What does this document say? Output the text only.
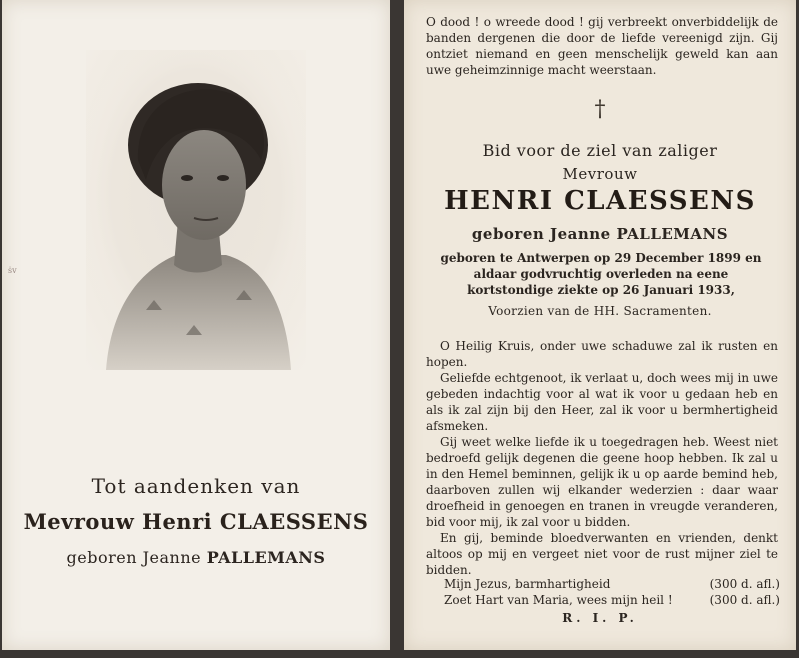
ṡv
Tot aandenken van
Mevrouw Henri CLAESSENS
geboren Jeanne PALLEMANS
O dood ! o wreede dood ! gij verbreekt onverbiddelijk de banden dergenen die door de liefde vereenigd zijn. Gij ontziet niemand en geen menschelijk geweld kan aan uwe geheimzinnige macht weerstaan.
†
Bid voor de ziel van zaliger
Mevrouw
HENRI CLAESSENS
geboren Jeanne PALLEMANS
geboren te Antwerpen op 29 December 1899 en aldaar godvruchtig overleden na eene kortstondige ziekte op 26 Januari 1933,
Voorzien van de HH. Sacramenten.
O Heilig Kruis, onder uwe schaduwe zal ik rusten en hopen.
Geliefde echtgenoot, ik verlaat u, doch wees mij in uwe gebeden indachtig voor al wat ik voor u gedaan heb en als ik zal zijn bij den Heer, zal ik voor u bermhertigheid afsmeken.
Gij weet welke liefde ik u toegedragen heb. Weest niet bedroefd gelijk degenen die geene hoop hebben. Ik zal u in den Hemel beminnen, gelijk ik u op aarde bemind heb, daarboven zullen wij elkander wederzien : daar waar droefheid in genoegen en tranen in vreugde veranderen, bid voor mij, ik zal voor u bidden.
En gij, beminde bloedverwanten en vrienden, denkt altoos op mij en vergeet niet voor de rust mijner ziel te bidden.
Mijn Jezus, barmhartigheid	(300 d. afl.)
Zoet Hart van Maria, wees mijn heil !	(300 d. afl.)
R. I. P.
